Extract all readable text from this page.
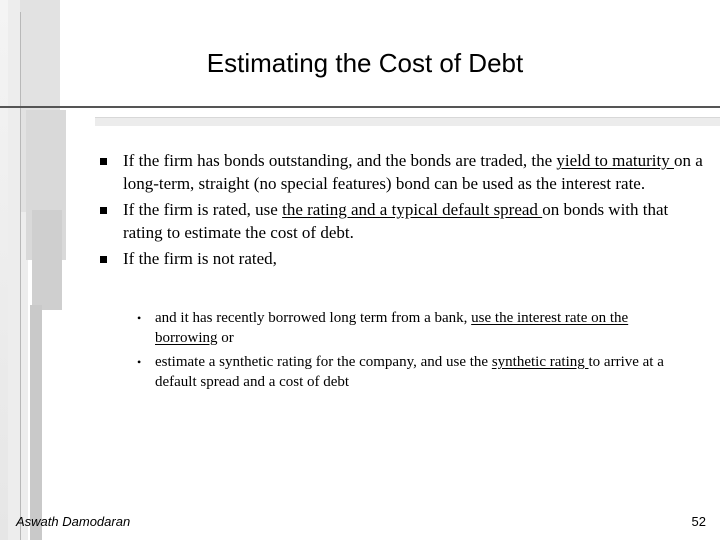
Estimating the Cost of Debt
If the firm has bonds outstanding, and the bonds are traded, the yield to maturity on a long-term, straight (no special features) bond can be used as the interest rate.
If the firm is rated, use the rating and a typical default spread on bonds with that rating to estimate the cost of debt.
If the firm is not rated,
• and it has recently borrowed long term from a bank, use the interest rate on the borrowing or
• estimate a synthetic rating for the company, and use the synthetic rating to arrive at a default spread and a cost of debt
Aswath Damodaran	52
